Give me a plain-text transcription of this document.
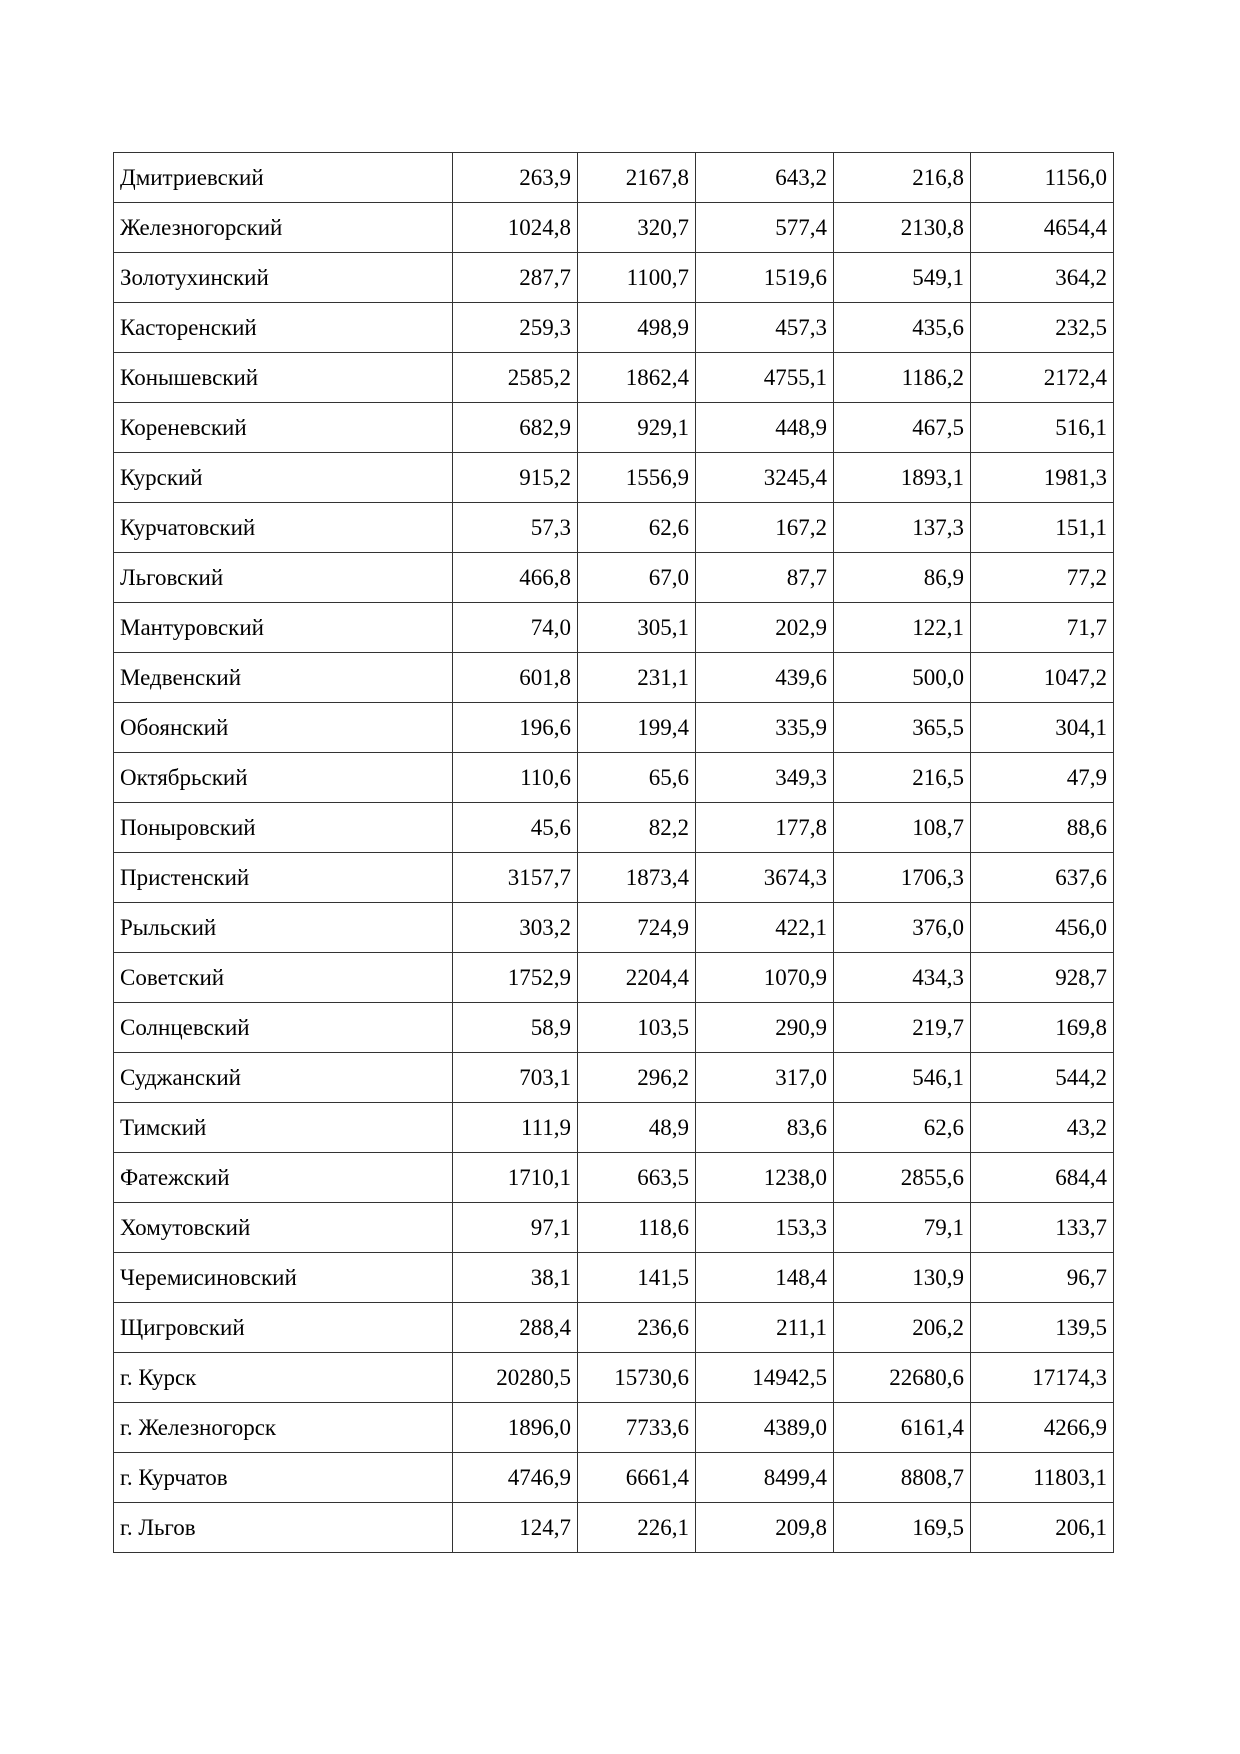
Дмитриевский	263,9	2167,8	643,2	216,8	1156,0
Железногорский	1024,8	320,7	577,4	2130,8	4654,4
Золотухинский	287,7	1100,7	1519,6	549,1	364,2
Касторенский	259,3	498,9	457,3	435,6	232,5
Конышевский	2585,2	1862,4	4755,1	1186,2	2172,4
Кореневский	682,9	929,1	448,9	467,5	516,1
Курский	915,2	1556,9	3245,4	1893,1	1981,3
Курчатовский	57,3	62,6	167,2	137,3	151,1
Льговский	466,8	67,0	87,7	86,9	77,2
Мантуровский	74,0	305,1	202,9	122,1	71,7
Медвенский	601,8	231,1	439,6	500,0	1047,2
Обоянский	196,6	199,4	335,9	365,5	304,1
Октябрьский	110,6	65,6	349,3	216,5	47,9
Поныровский	45,6	82,2	177,8	108,7	88,6
Пристенский	3157,7	1873,4	3674,3	1706,3	637,6
Рыльский	303,2	724,9	422,1	376,0	456,0
Советский	1752,9	2204,4	1070,9	434,3	928,7
Солнцевский	58,9	103,5	290,9	219,7	169,8
Суджанский	703,1	296,2	317,0	546,1	544,2
Тимский	111,9	48,9	83,6	62,6	43,2
Фатежский	1710,1	663,5	1238,0	2855,6	684,4
Хомутовский	97,1	118,6	153,3	79,1	133,7
Черемисиновский	38,1	141,5	148,4	130,9	96,7
Щигровский	288,4	236,6	211,1	206,2	139,5
г. Курск	20280,5	15730,6	14942,5	22680,6	17174,3
г. Железногорск	1896,0	7733,6	4389,0	6161,4	4266,9
г. Курчатов	4746,9	6661,4	8499,4	8808,7	11803,1
г. Льгов	124,7	226,1	209,8	169,5	206,1
